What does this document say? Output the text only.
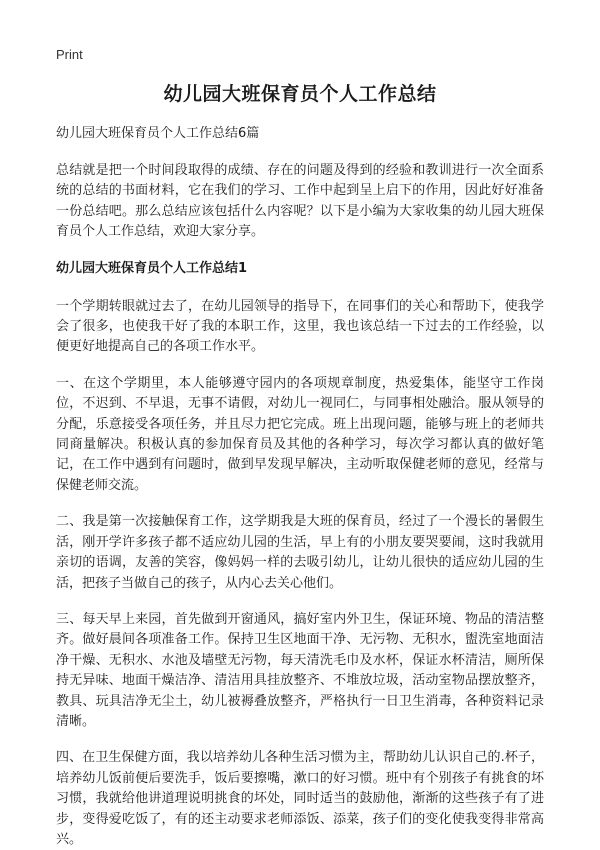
Print
幼儿园大班保育员个人工作总结

幼儿园大班保育员个人工作总结6篇

总结就是把一个时间段取得的成绩、存在的问题及得到的经验和教训进行一次全面系统的总结的书面材料，它在我们的学习、工作中起到呈上启下的作用，因此好好准备一份总结吧。那么总结应该包括什么内容呢？以下是小编为大家收集的幼儿园大班保育员个人工作总结，欢迎大家分享。

幼儿园大班保育员个人工作总结1

一个学期转眼就过去了，在幼儿园领导的指导下，在同事们的关心和帮助下，使我学会了很多，也使我干好了我的本职工作，这里，我也该总结一下过去的工作经验，以便更好地提高自己的各项工作水平。

一、在这个学期里，本人能够遵守园内的各项规章制度，热爱集体，能坚守工作岗位，不迟到、不早退，无事不请假，对幼儿一视同仁，与同事相处融洽。服从领导的分配，乐意接受各项任务，并且尽力把它完成。班上出现问题，能够与班上的老师共同商量解决。积极认真的参加保育员及其他的各种学习，每次学习都认真的做好笔记，在工作中遇到有问题时，做到早发现早解决，主动听取保健老师的意见，经常与保健老师交流。

二、我是第一次接触保育工作，这学期我是大班的保育员，经过了一个漫长的暑假生活，刚开学许多孩子都不适应幼儿园的生活，早上有的小朋友要哭要闹，这时我就用亲切的语调，友善的笑容，像妈妈一样的去吸引幼儿，让幼儿很快的适应幼儿园的生活，把孩子当做自己的孩子，从内心去关心他们。

三、每天早上来园，首先做到开窗通风，搞好室内外卫生，保证环境、物品的清洁整齐。做好晨间各项准备工作。保持卫生区地面干净、无污物、无积水，盥洗室地面洁净干燥、无积水、水池及墙壁无污物，每天清洗毛巾及水杯，保证水杯清洁，厕所保持无异味、地面干燥洁净、清洁用具挂放整齐、不堆放垃圾，活动室物品摆放整齐，教具、玩具洁净无尘土，幼儿被褥叠放整齐，严格执行一日卫生消毒，各种资料记录清晰。

四、在卫生保健方面，我以培养幼儿各种生活习惯为主，帮助幼儿认识自己的.杯子，培养幼儿饭前便后要洗手，饭后要擦嘴，漱口的好习惯。班中有个别孩子有挑食的坏习惯，我就给他讲道理说明挑食的坏处，同时适当的鼓励他，渐渐的这些孩子有了进步，变得爱吃饭了，有的还主动要求老师添饭、添菜，孩子们的变化使我变得非常高兴。
